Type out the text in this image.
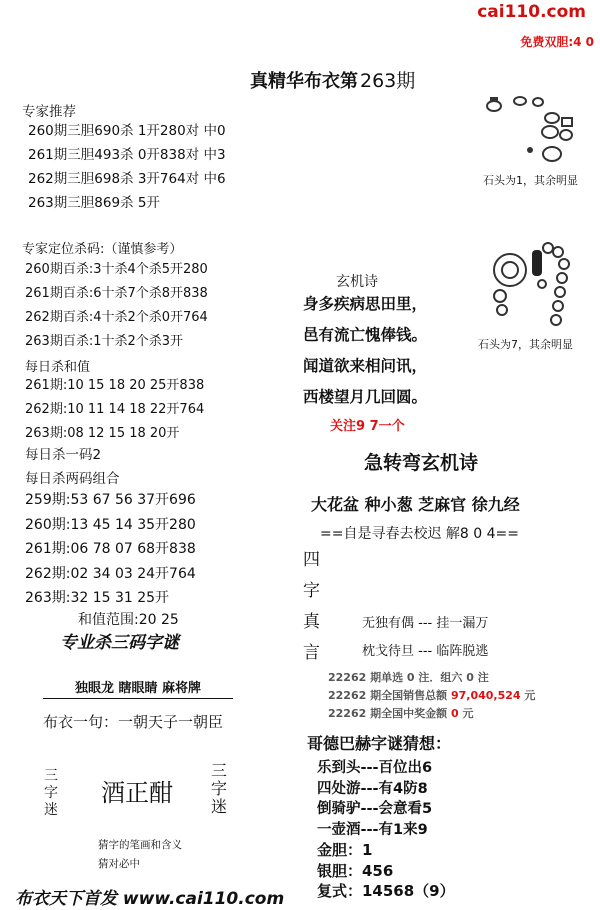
cai110.com
免费双胆:4 0
真精华布衣第 263期
专家推荐
260期三胆690杀 1开280对 中0
261期三胆493杀 0开838对 中3
262期三胆698杀 3开764对 中6
263期三胆869杀 5开
专家定位杀码:（谨慎参考）
260期百杀:3十杀4个杀5开280
261期百杀:6十杀7个杀8开838
262期百杀:4十杀2个杀0开764
263期百杀:1十杀2个杀3开
每日杀和值
261期:10 15 18 20 25开838
262期:10 11 14 18 22开764
263期:08 12 15 18 20开
每日杀一码2
每日杀两码组合
259期:53 67 56 37开696
260期:13 45 14 35开280
261期:06 78 07 68开838
262期:02 34 03 24开764
263期:32 15 31 25开
和值范围:20 25
专业杀三码字谜
独眼龙 瞎眼睛 麻将牌
布衣一句：一朝天子一朝臣
三
字
迷
酒正酣
三
字
迷
猜字的笔画和含义
猜对必中
石头为1，其余明显
石头为7，其余明显
玄机诗
身多疾病思田里，
邑有流亡愧俸钱。
闻道欲来相问讯，
西楼望月几回圆。
关注9 7一个
急转弯玄机诗
大花盆 种小葱 芝麻官 徐九经
==自是寻春去校迟 解8 0 4==
四
字
真
言
无独有偶 --- 挂一漏万
枕戈待旦 --- 临阵脱逃
22262 期单选 0 注．组六 0 注
22262 期全国销售总额 97,040,524 元
22262 期全国中奖金额 0 元
哥德巴赫字谜猜想：
乐到头---百位出6
四处游---有4防8
倒骑驴---会意看5
一壶酒---有1来9
金胆：1
银胆：456
复式：14568（9）
布衣天下首发 www.cai110.com
